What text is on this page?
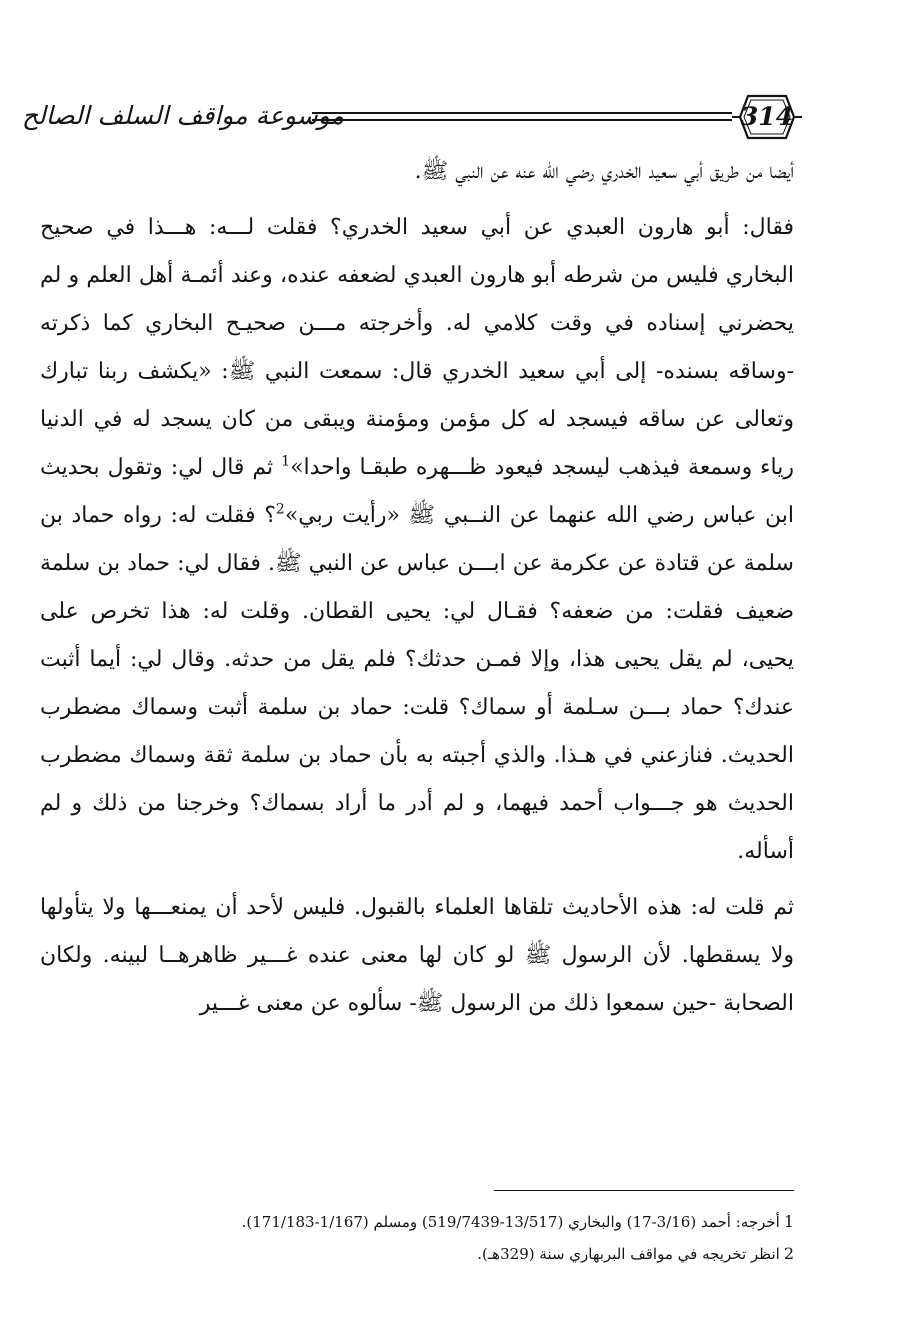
موسوعة مواقف السلف الصالح	314

أيضا من طريق أبي سعيد الخدري رضي الله عنه عن النبي ﷺ.

فقال: أبو هارون العبدي عن أبي سعيد الخدري؟ فقلت لـــه: هـــذا في صحيح البخاري فليس من شرطه أبو هارون العبدي لضعفه عنده، وعند أئمـة أهل العلم و لم يحضرني إسناده في وقت كلامي له. وأخرجته مـــن صحيـح البخاري كما ذكرته -وساقه بسنده- إلى أبي سعيد الخدري قال: سمعت النبي ﷺ: «يكشف ربنا تبارك وتعالى عن ساقه فيسجد له كل مؤمن ومؤمنة ويبقى من كان يسجد له في الدنيا رياء وسمعة فيذهب ليسجد فيعود ظـــهره طبقـا واحدا»$^1$ ثم قال لي: وتقول بحديث ابن عباس رضي الله عنهما عن النــبي ﷺ «رأيت ربي»$^2$؟ فقلت له: رواه حماد بن سلمة عن قتادة عن عكرمة عن ابـــن عباس عن النبي ﷺ. فقال لي: حماد بن سلمة ضعيف فقلت: من ضعفه؟ فقـال لي: يحيى القطان. وقلت له: هذا تخرص على يحيى، لم يقل يحيى هذا، وإلا فمـن حدثك؟ فلم يقل من حدثه. وقال لي: أيما أثبت عندك؟ حماد بـــن سـلمة أو سماك؟ قلت: حماد بن سلمة أثبت وسماك مضطرب الحديث. فنازعني في هـذا. والذي أجبته به بأن حماد بن سلمة ثقة وسماك مضطرب الحديث هو جـــواب أحمد فيهما، و لم أدر ما أراد بسماك؟ وخرجنا من ذلك و لم أسأله.

ثم قلت له: هذه الأحاديث تلقاها العلماء بالقبول. فليس لأحد أن يمنعـــها ولا يتأولها ولا يسقطها. لأن الرسول ﷺ لو كان لها معنى عنده غـــير ظاهرهــا لبينه. ولكان الصحابة -حين سمعوا ذلك من الرسول ﷺ- سألوه عن معنى غـــير

1أخرجه: أحمد (3/16-17) والبخاري (13/517-519/7439) ومسلم (1/167-171/183).

2انظر تخريجه في مواقف البربهاري سنة (329هـ).
